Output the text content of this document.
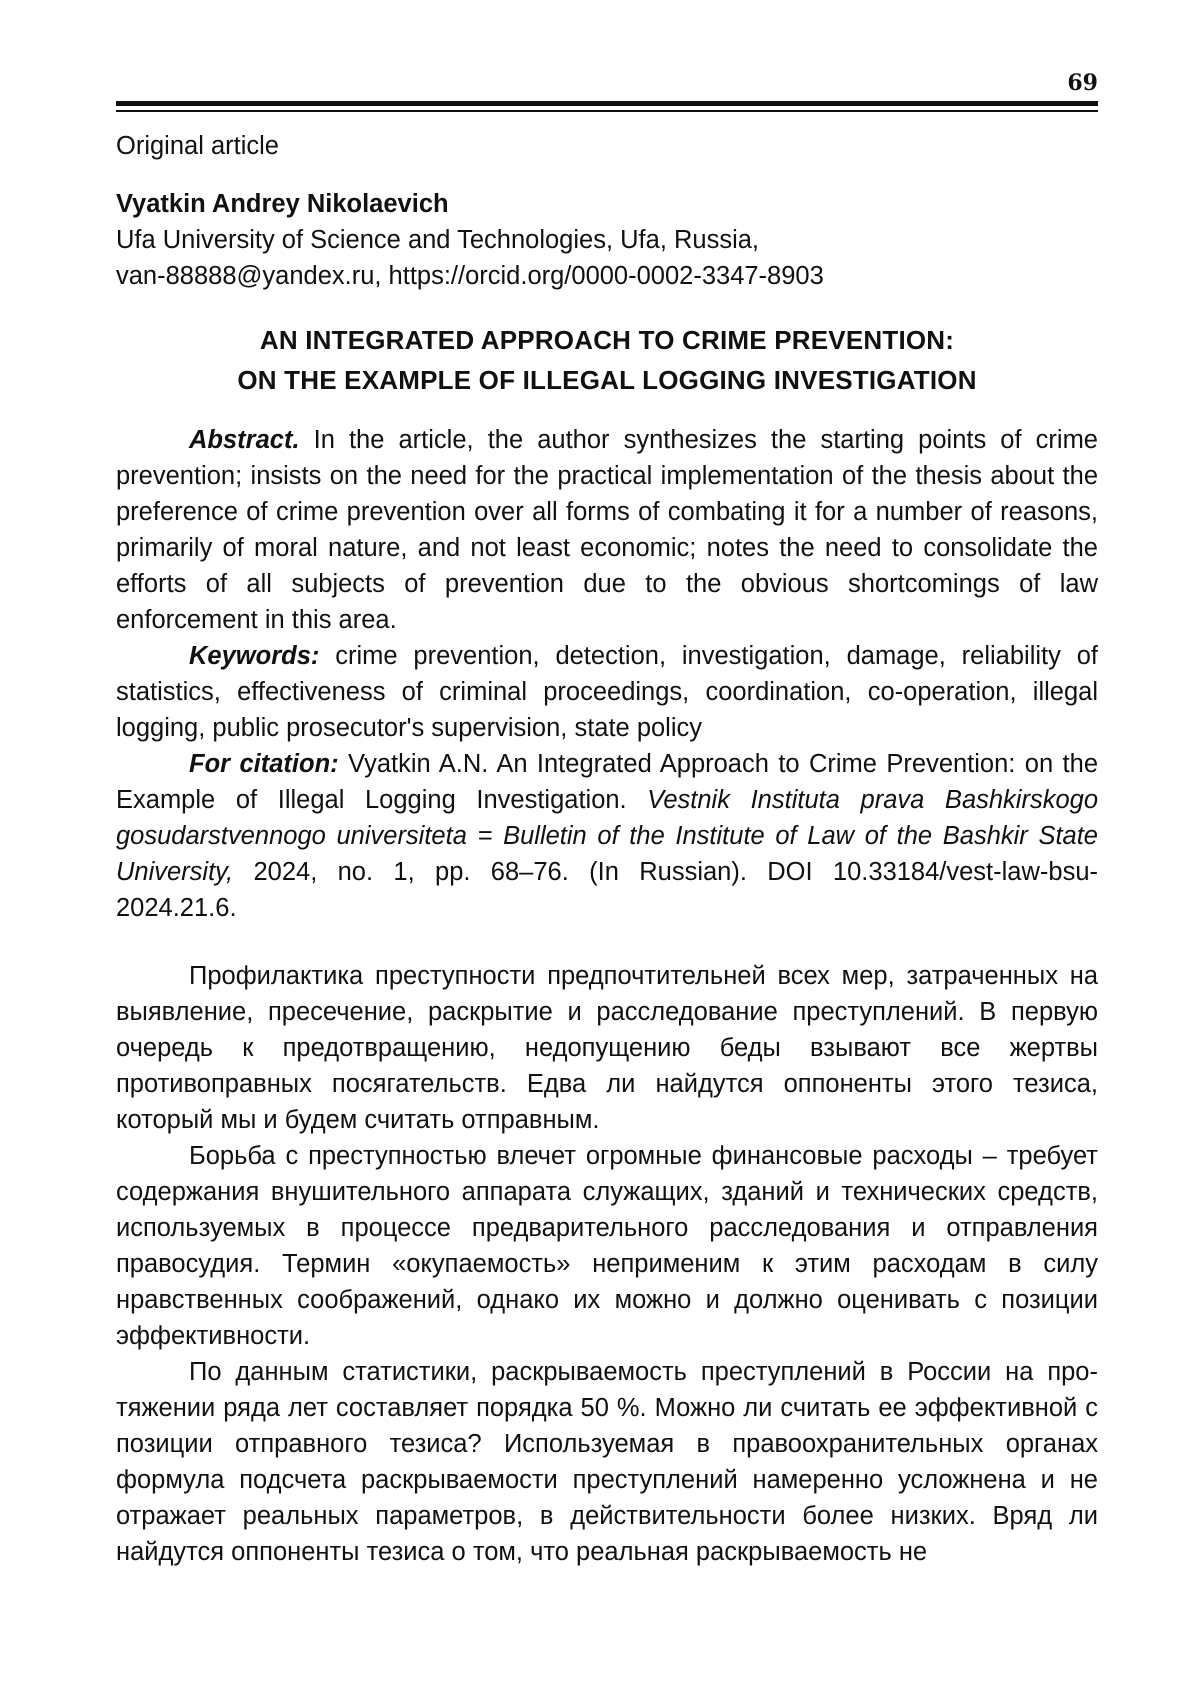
69

Original article

Vyatkin Andrey Nikolaevich

Ufa University of Science and Technologies, Ufa, Russia,

van-88888@yandex.ru, https://orcid.org/0000-0002-3347-8903

AN INTEGRATED APPROACH TO CRIME PREVENTION:
ON THE EXAMPLE OF ILLEGAL LOGGING INVESTIGATION

Abstract. In the article, the author synthesizes the starting points of crime prevention; insists on the need for the practical implementation of the thesis about the preference of crime prevention over all forms of combating it for a number of reasons, primarily of moral nature, and not least economic; notes the need to consolidate the efforts of all subjects of prevention due to the obvious shortcomings of law enforcement in this area.

Keywords: crime prevention, detection, investigation, damage, reliability of statistics, effectiveness of criminal proceedings, coordination, co-operation, illegal logging, public prosecutor's supervision, state policy

For citation: Vyatkin A.N. An Integrated Approach to Crime Prevention: on the Example of Illegal Logging Investigation. Vestnik Instituta prava Bashkirskogo gosudarstvennogo universiteta = Bulletin of the Institute of Law of the Bashkir State University, 2024, no. 1, pp. 68–76. (In Russian). DOI 10.33184/vest-law-bsu-2024.21.6.

Профилактика преступности предпочтительней всех мер, затраченных на выявление, пресечение, раскрытие и расследование преступлений. В первую очередь к предотвращению, недопущению беды взывают все жертвы противоправных посягательств. Едва ли найдутся оппоненты этого тезиса, который мы и будем считать отправным.

Борьба с преступностью влечет огромные финансовые расходы – требует содержания внушительного аппарата служащих, зданий и технических средств, используемых в процессе предварительного расследования и отправления правосудия. Термин «окупаемость» неприменим к этим расходам в силу нравственных соображений, однако их можно и должно оценивать с позиции эффективности.

По данным статистики, раскрываемость преступлений в России на протяжении ряда лет составляет порядка 50 %. Можно ли считать ее эффективной с позиции отправного тезиса? Используемая в правоохранительных органах формула подсчета раскрываемости преступлений намеренно усложнена и не отражает реальных параметров, в действительности более низких. Вряд ли найдутся оппоненты тезиса о том, что реальная раскрываемость не
